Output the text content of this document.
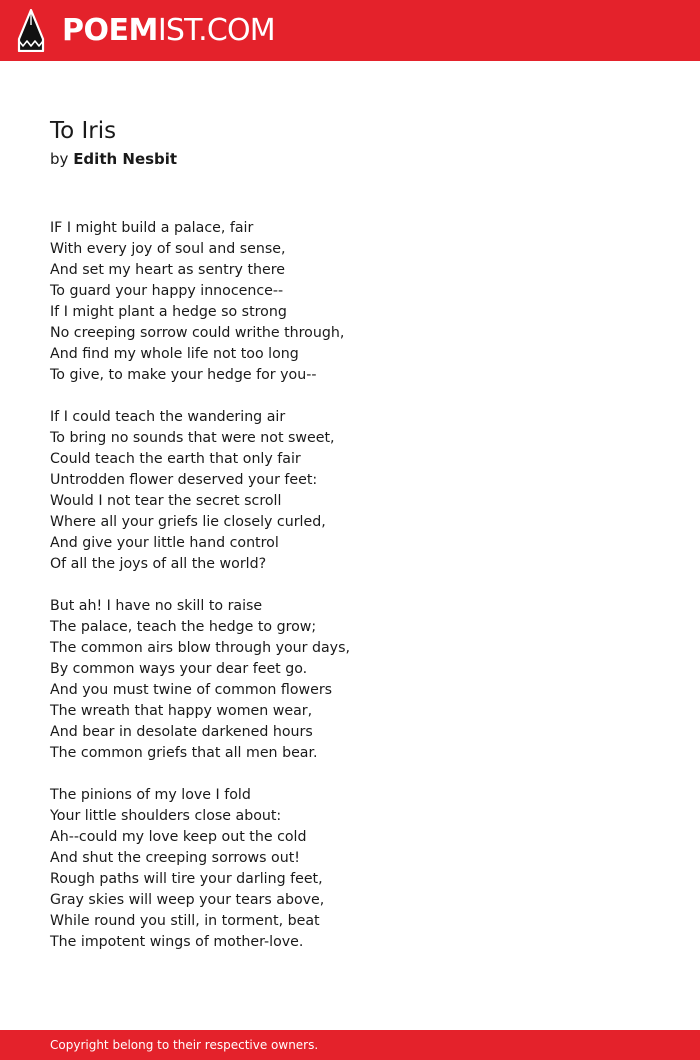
POEMIST.COM
To Iris
by Edith Nesbit
IF I might build a palace, fair
With every joy of soul and sense,
And set my heart as sentry there
To guard your happy innocence--
If I might plant a hedge so strong
No creeping sorrow could writhe through,
And find my whole life not too long
To give, to make your hedge for you--
If I could teach the wandering air
To bring no sounds that were not sweet,
Could teach the earth that only fair
Untrodden flower deserved your feet:
Would I not tear the secret scroll
Where all your griefs lie closely curled,
And give your little hand control
Of all the joys of all the world?
But ah! I have no skill to raise
The palace, teach the hedge to grow;
The common airs blow through your days,
By common ways your dear feet go.
And you must twine of common flowers
The wreath that happy women wear,
And bear in desolate darkened hours
The common griefs that all men bear.
The pinions of my love I fold
Your little shoulders close about:
Ah--could my love keep out the cold
And shut the creeping sorrows out!
Rough paths will tire your darling feet,
Gray skies will weep your tears above,
While round you still, in torment, beat
The impotent wings of mother-love.
Copyright belong to their respective owners.
